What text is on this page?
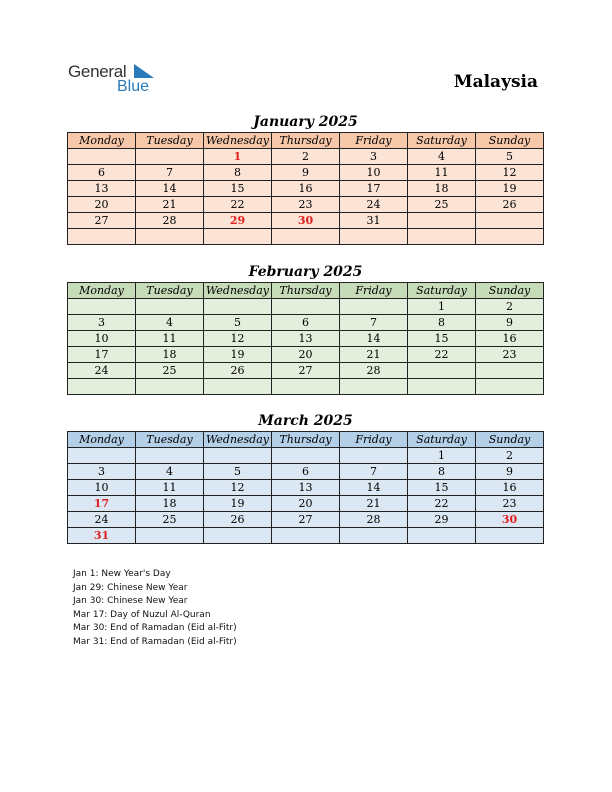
General
Blue	Malaysia
January 2025
Monday	Tuesday	Wednesday	Thursday	Friday	Saturday	Sunday
		1	2	3	4	5
6	7	8	9	10	11	12
13	14	15	16	17	18	19
20	21	22	23	24	25	26
27	28	29	30	31		

February 2025
Monday	Tuesday	Wednesday	Thursday	Friday	Saturday	Sunday
					1	2
3	4	5	6	7	8	9
10	11	12	13	14	15	16
17	18	19	20	21	22	23
24	25	26	27	28		

March 2025
Monday	Tuesday	Wednesday	Thursday	Friday	Saturday	Sunday
					1	2
3	4	5	6	7	8	9
10	11	12	13	14	15	16
17	18	19	20	21	22	23
24	25	26	27	28	29	30
31						
Jan 1: New Year's Day
Jan 29: Chinese New Year
Jan 30: Chinese New Year
Mar 17: Day of Nuzul Al-Quran
Mar 30: End of Ramadan (Eid al-Fitr)
Mar 31: End of Ramadan (Eid al-Fitr)
